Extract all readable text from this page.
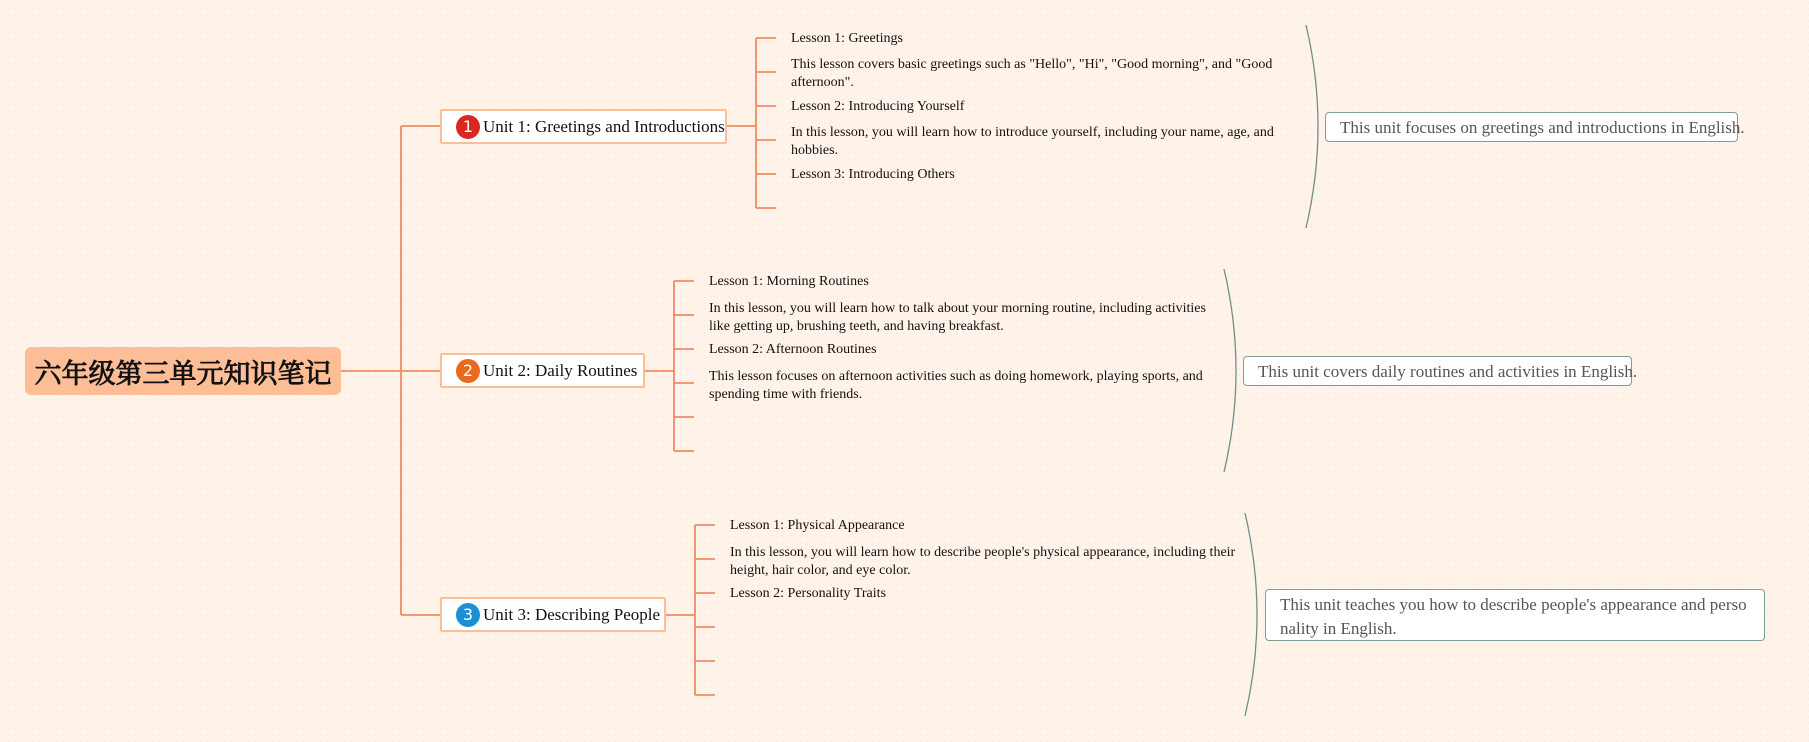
六年级第三单元知识笔记
1 Unit 1: Greetings and Introductions
Lesson 1: Greetings
This lesson covers basic greetings such as "Hello", "Hi", "Good morning", and "Good afternoon".
Lesson 2: Introducing Yourself
In this lesson, you will learn how to introduce yourself, including your name, age, and hobbies.
Lesson 3: Introducing Others
This unit focuses on greetings and introductions in English.
2 Unit 2: Daily Routines
Lesson 1: Morning Routines
In this lesson, you will learn how to talk about your morning routine, including activities like getting up, brushing teeth, and having breakfast.
Lesson 2: Afternoon Routines
This lesson focuses on afternoon activities such as doing homework, playing sports, and spending time with friends.
This unit covers daily routines and activities in English.
3 Unit 3: Describing People
Lesson 1: Physical Appearance
In this lesson, you will learn how to describe people's physical appearance, including their height, hair color, and eye color.
Lesson 2: Personality Traits
This unit teaches you how to describe people's appearance and personality in English.
